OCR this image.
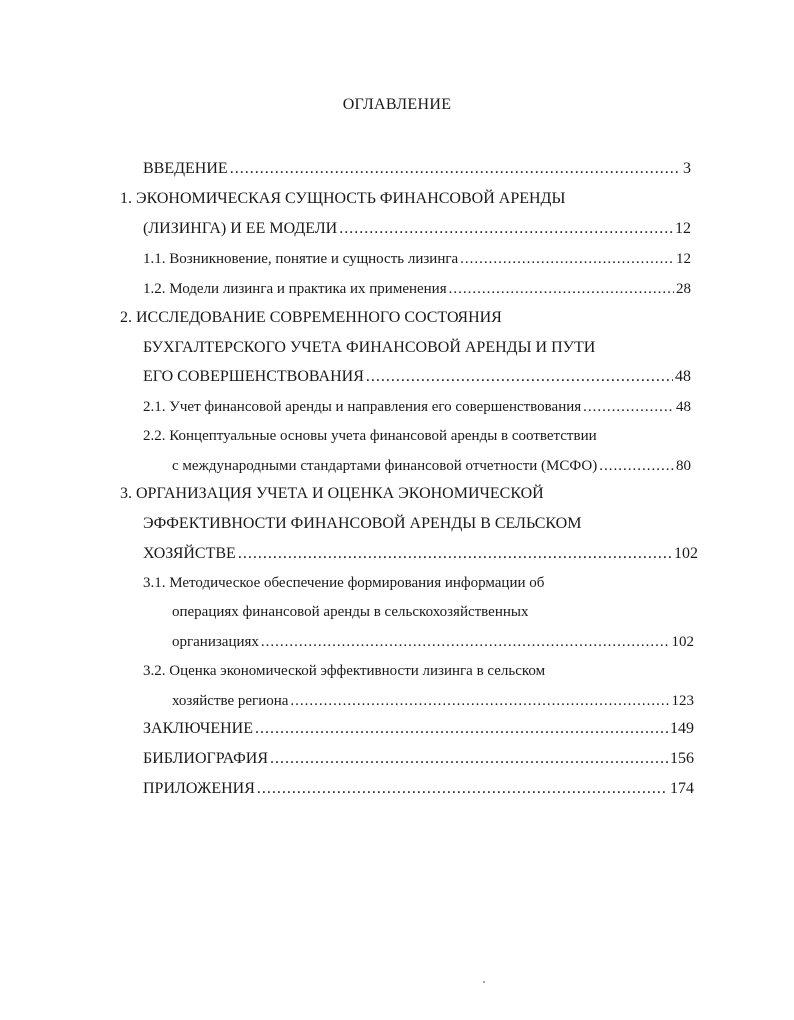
ОГЛАВЛЕНИЕ
ВВЕДЕНИЕ .....	3
1. ЭКОНОМИЧЕСКАЯ СУЩНОСТЬ ФИНАНСОВОЙ АРЕНДЫ
(ЛИЗИНГА) И ЕЕ МОДЕЛИ .....	12
1.1. Возникновение, понятие и сущность лизинга .....	12
1.2. Модели лизинга и практика их применения .....	28
2. ИССЛЕДОВАНИЕ СОВРЕМЕННОГО СОСТОЯНИЯ
БУХГАЛТЕРСКОГО УЧЕТА ФИНАНСОВОЙ АРЕНДЫ И ПУТИ
ЕГО СОВЕРШЕНСТВОВАНИЯ .....	48
2.1. Учет финансовой аренды и направления его совершенствования .....	48
2.2. Концептуальные основы учета финансовой аренды в соответствии
с международными стандартами финансовой отчетности (МСФО) .....	80
3. ОРГАНИЗАЦИЯ УЧЕТА И ОЦЕНКА ЭКОНОМИЧЕСКОЙ
ЭФФЕКТИВНОСТИ ФИНАНСОВОЙ АРЕНДЫ В СЕЛЬСКОМ
ХОЗЯЙСТВЕ .....	102
3.1. Методическое обеспечение формирования информации об
операциях финансовой аренды в сельскохозяйственных
организациях .....	102
3.2. Оценка экономической эффективности лизинга в сельском
хозяйстве региона .....	123
ЗАКЛЮЧЕНИЕ .....	149
БИБЛИОГРАФИЯ .....	156
ПРИЛОЖЕНИЯ .....	174
